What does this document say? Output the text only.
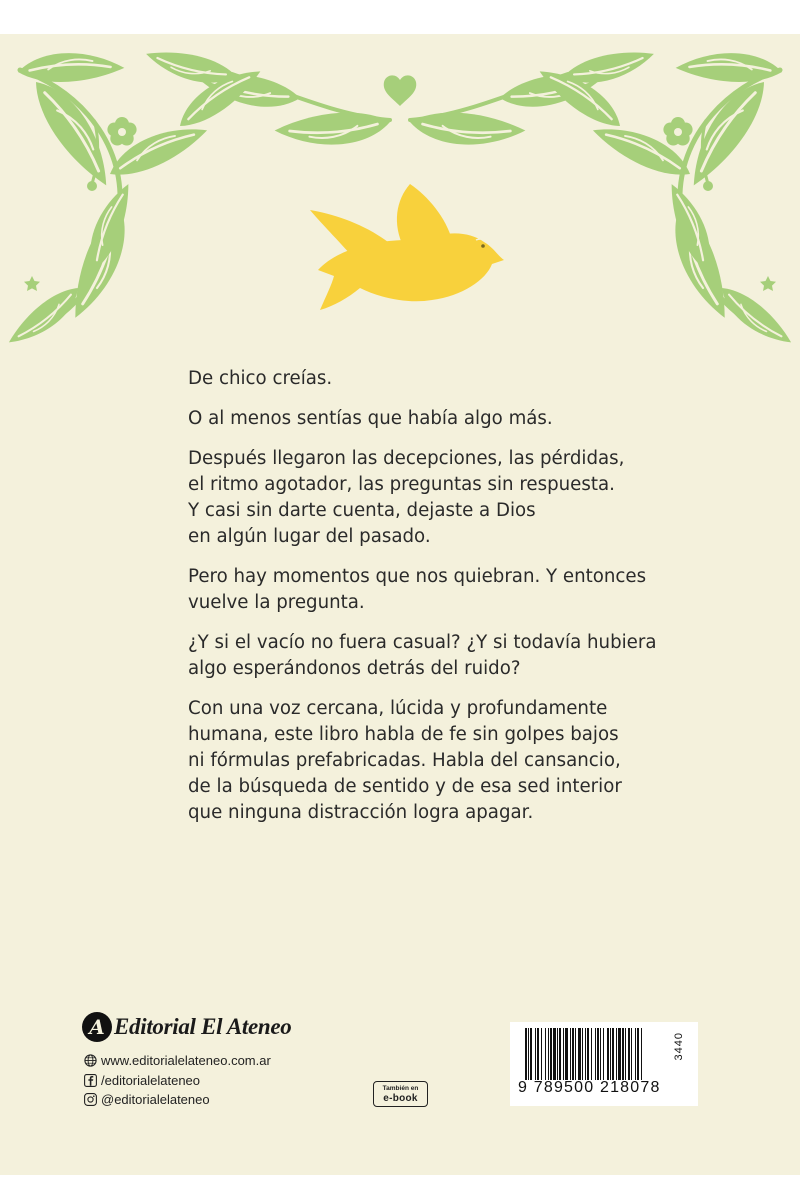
De chico creías.

O al menos sentías que había algo más.

Después llegaron las decepciones, las pérdidas,
el ritmo agotador, las preguntas sin respuesta.
Y casi sin darte cuenta, dejaste a Dios
en algún lugar del pasado.

Pero hay momentos que nos quiebran. Y entonces
vuelve la pregunta.

¿Y si el vacío no fuera casual? ¿Y si todavía hubiera
algo esperándonos detrás del ruido?

Con una voz cercana, lúcida y profundamente
humana, este libro habla de fe sin golpes bajos
ni fórmulas prefabricadas. Habla del cansancio,
de la búsqueda de sentido y de esa sed interior
que ninguna distracción logra apagar.

A Editorial El Ateneo
www.editorialelateneo.com.ar
/editorialelateneo
@editorialelateneo
También en
e-book
9 789500 218078
3440
